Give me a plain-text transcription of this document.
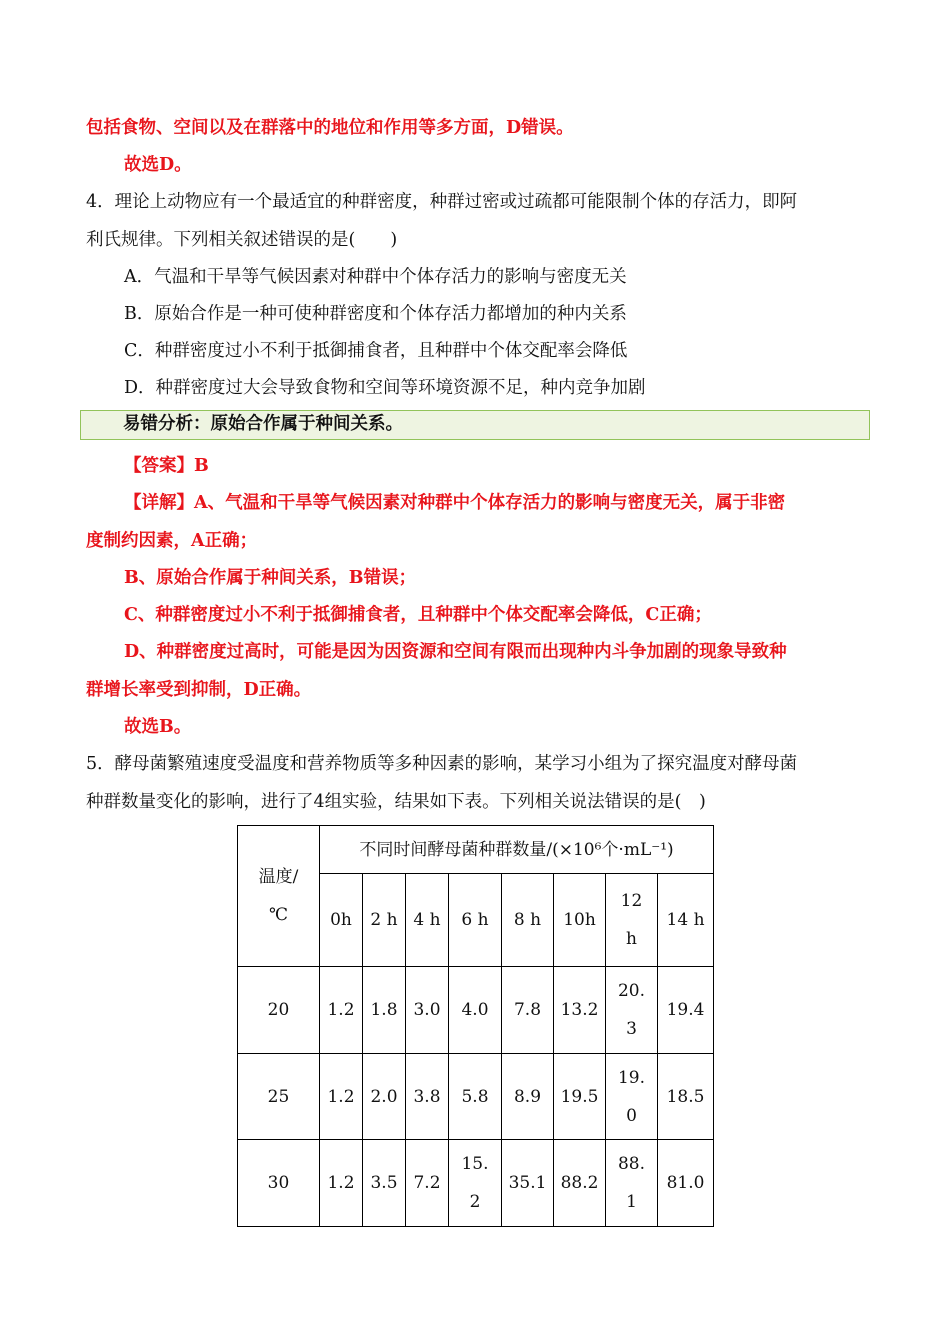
包括食物、空间以及在群落中的地位和作用等多方面，D错误。
故选D。
4．理论上动物应有一个最适宜的种群密度，种群过密或过疏都可能限制个体的存活力，即阿
利氏规律。下列相关叙述错误的是(　　)
A．气温和干旱等气候因素对种群中个体存活力的影响与密度无关
B．原始合作是一种可使种群密度和个体存活力都增加的种内关系
C．种群密度过小不利于抵御捕食者，且种群中个体交配率会降低
D．种群密度过大会导致食物和空间等环境资源不足，种内竞争加剧
易错分析：原始合作属于种间关系。
【答案】B
【详解】A、气温和干旱等气候因素对种群中个体存活力的影响与密度无关，属于非密
度制约因素，A正确；
B、原始合作属于种间关系，B错误；
C、种群密度过小不利于抵御捕食者，且种群中个体交配率会降低，C正确；
D、种群密度过高时，可能是因为因资源和空间有限而出现种内斗争加剧的现象导致种
群增长率受到抑制，D正确。
故选B。
5．酵母菌繁殖速度受温度和营养物质等多种因素的影响，某学习小组为了探究温度对酵母菌
种群数量变化的影响，进行了4组实验，结果如下表。下列相关说法错误的是(　)
温度/℃	不同时间酵母菌种群数量/(×10⁶个·mL⁻¹)							
	0h	2 h	4 h	6 h	8 h	10h	12 h	14 h
20	1.2	1.8	3.0	4.0	7.8	13.2	20.3	19.4
25	1.2	2.0	3.8	5.8	8.9	19.5	19.0	18.5
30	1.2	3.5	7.2	15.2	35.1	88.2	88.1	81.0
